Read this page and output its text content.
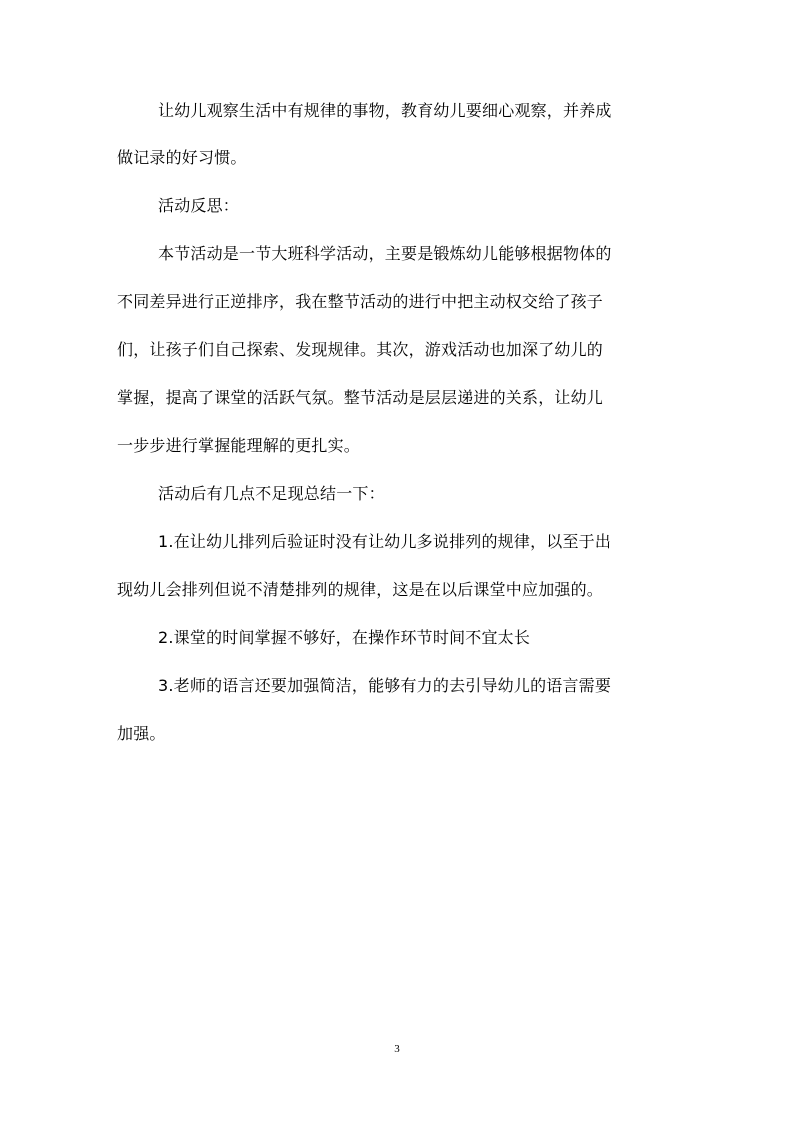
让幼儿观察生活中有规律的事物，教育幼儿要细心观察，并养成
做记录的好习惯。
活动反思：
本节活动是一节大班科学活动，主要是锻炼幼儿能够根据物体的
不同差异进行正逆排序，我在整节活动的进行中把主动权交给了孩子
们，让孩子们自己探索、发现规律。其次，游戏活动也加深了幼儿的
掌握，提高了课堂的活跃气氛。整节活动是层层递进的关系，让幼儿
一步步进行掌握能理解的更扎实。
活动后有几点不足现总结一下：
1.在让幼儿排列后验证时没有让幼儿多说排列的规律，以至于出
现幼儿会排列但说不清楚排列的规律，这是在以后课堂中应加强的。
2.课堂的时间掌握不够好，在操作环节时间不宜太长
3.老师的语言还要加强简洁，能够有力的去引导幼儿的语言需要
加强。
3
